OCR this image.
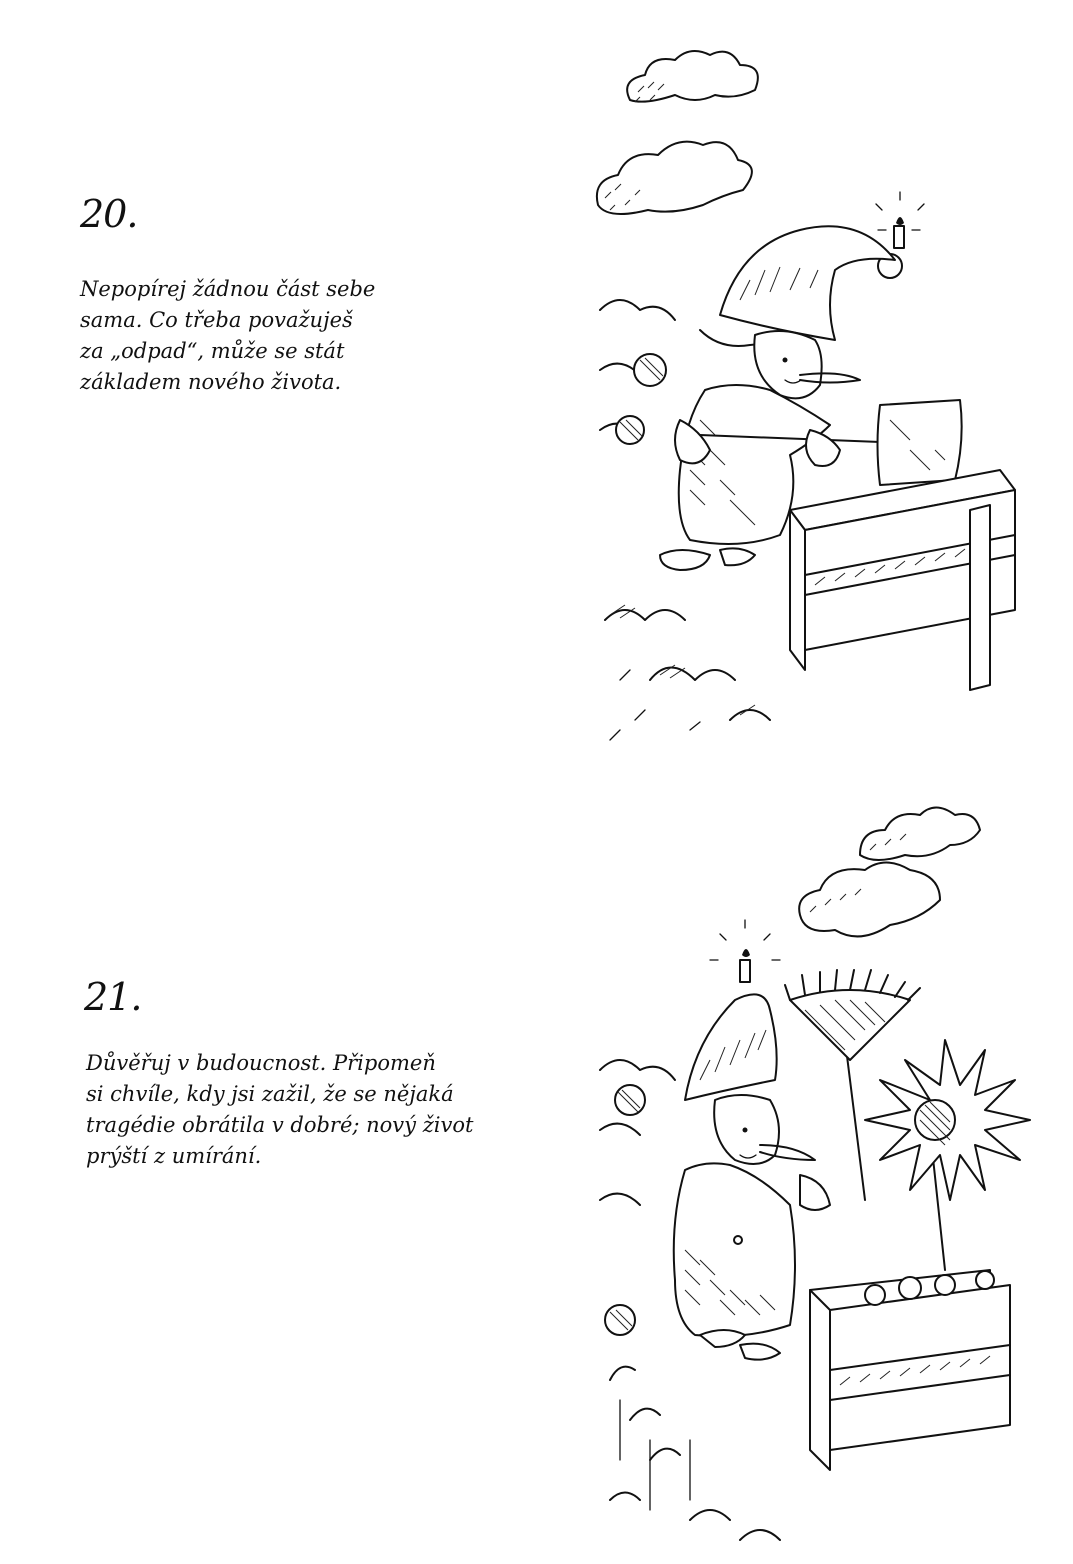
20.
Nepopírej žádnou část sebe
sama. Co třeba považuješ
za „odpad“, může se stát
základem nového života.
21.
Důvěřuj v budoucnost. Připomeň
si chvíle, kdy jsi zažil, že se nějaká
tragédie obrátila v dobré; nový život
prýští z umírání.
